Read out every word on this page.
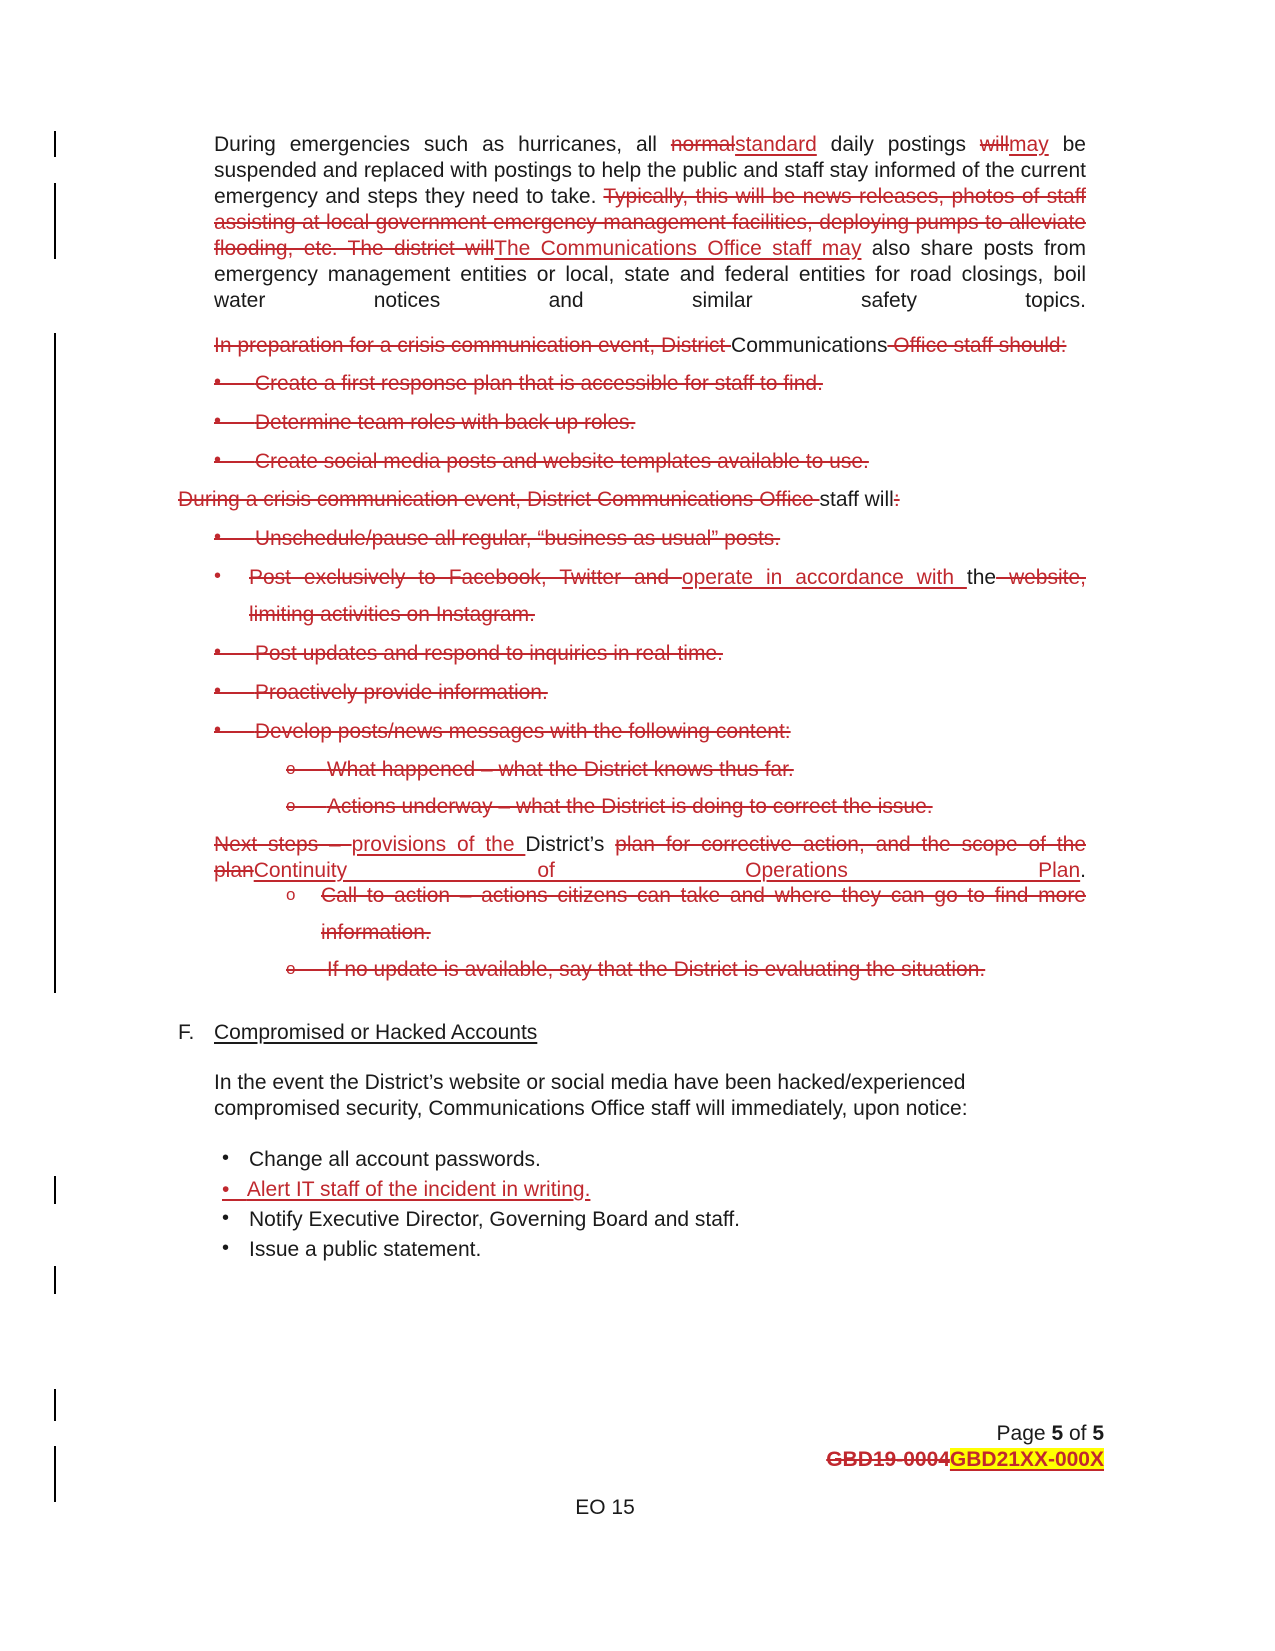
During emergencies such as hurricanes, all normalstandard daily postings willmay be suspended and replaced with postings to help the public and staff stay informed of the current emergency and steps they need to take. Typically, this will be news releases, photos of staff assisting at local government emergency management facilities, deploying pumps to alleviate flooding, etc. The district willThe Communications Office staff may also share posts from emergency management entities or local, state and federal entities for road closings, boil water notices and similar safety topics.
In preparation for a crisis communication event, District Communications Office staff should:
•	Create a first response plan that is accessible for staff to find.
•	Determine team roles with back up roles.
•	Create social media posts and website templates available to use.
During a crisis communication event, District Communications Office staff will:
•	Unschedule/pause all regular, “business as usual” posts.
• Post exclusively to Facebook, Twitter and operate in accordance with the website,
limiting activities on Instagram.
•	Post updates and respond to inquiries in real-time.
•	Proactively provide information.
•	Develop posts/news messages with the following content:
o	What happened – what the District knows thus far.
o	Actions underway – what the District is doing to correct the issue.
Next steps – provisions of the District’s plan for corrective action, and the scope of the planContinuity of Operations Plan.
o Call to action – actions citizens can take and where they can go to find more
information.
o	If no update is available, say that the District is evaluating the situation.
F. Compromised or Hacked Accounts
In the event the District’s website or social media have been hacked/experienced compromised security, Communications Office staff will immediately, upon notice:
• Change all account passwords.
•   Alert IT staff of the incident in writing.
• Notify Executive Director, Governing Board and staff.
• Issue a public statement.
Page 5 of 5
GBD19-0004GBD21XX-000X
EO 15
